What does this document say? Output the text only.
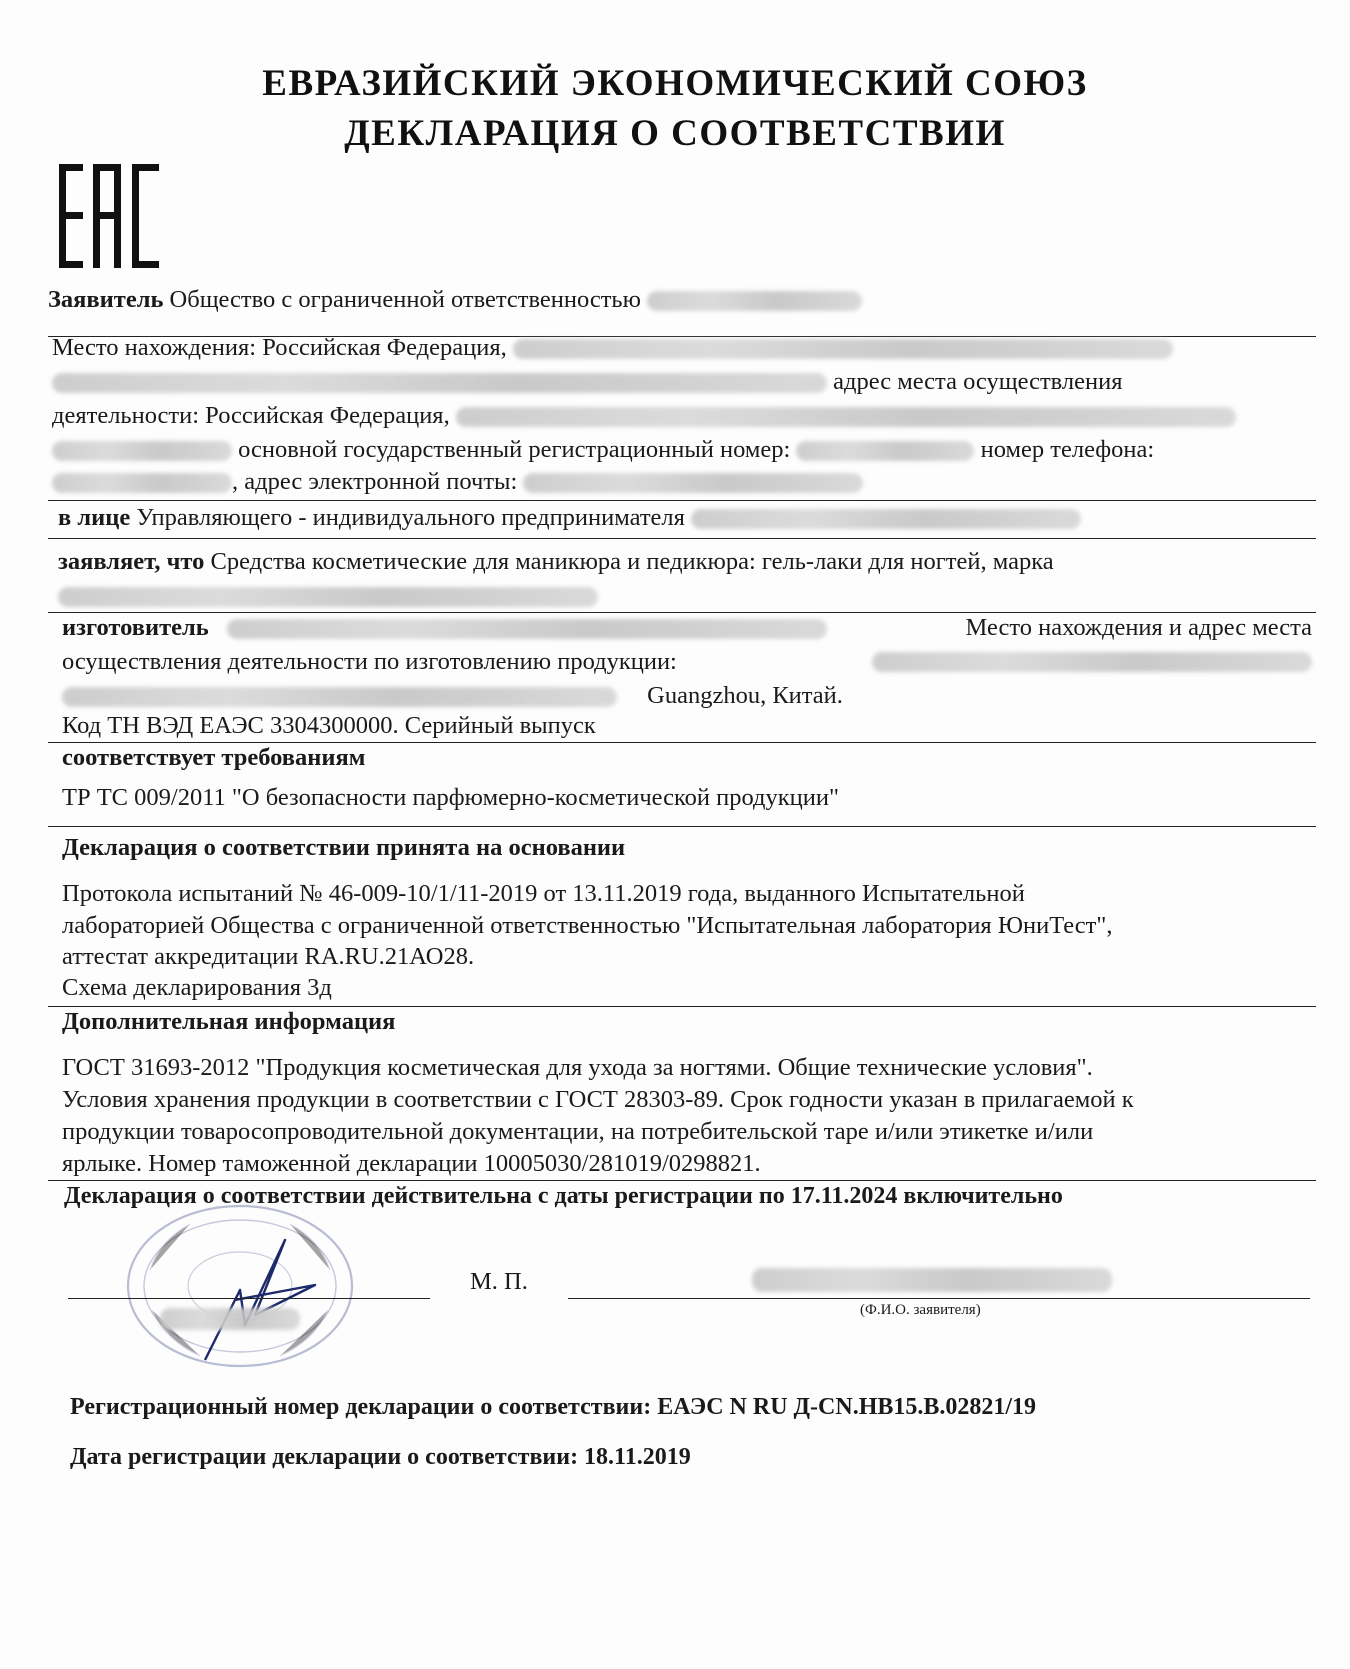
ЕВРАЗИЙСКИЙ ЭКОНОМИЧЕСКИЙ СОЮЗ
ДЕКЛАРАЦИЯ О СООТВЕТСТВИИ
Заявитель Общество с ограниченной ответственностью
Место нахождения: Российская Федерация,
адрес места осуществления
деятельности: Российская Федерация,
основной государственный регистрационный номер:	номер телефона:
, адрес электронной почты:
в лице Управляющего - индивидуального предпринимателя
заявляет, что Средства косметические для маникюра и педикюра: гель-лаки для ногтей, марка
изготовитель	Место нахождения и адрес места
осуществления деятельности по изготовлению продукции:
Guangzhou, Китай.
Код ТН ВЭД ЕАЭС 3304300000. Серийный выпуск
соответствует требованиям
ТР ТС 009/2011 "О безопасности парфюмерно-косметической продукции"
Декларация о соответствии принята на основании
Протокола испытаний № 46-009-10/1/11-2019 от 13.11.2019 года, выданного Испытательной
лабораторией Общества с ограниченной ответственностью "Испытательная лаборатория ЮниТест",
аттестат аккредитации RA.RU.21АО28.
Схема декларирования 3д
Дополнительная информация
ГОСТ 31693-2012 "Продукция косметическая для ухода за ногтями. Общие технические условия".
Условия хранения продукции в соответствии с ГОСТ 28303-89. Срок годности указан в прилагаемой к
продукции товаросопроводительной документации, на потребительской таре и/или этикетке и/или
ярлыке. Номер таможенной декларации 10005030/281019/0298821.
Декларация о соответствии действительна с даты регистрации по 17.11.2024 включительно
М. П.
(Ф.И.О. заявителя)
Регистрационный номер декларации о соответствии: ЕАЭС N RU Д-CN.НВ15.В.02821/19
Дата регистрации декларации о соответствии: 18.11.2019
